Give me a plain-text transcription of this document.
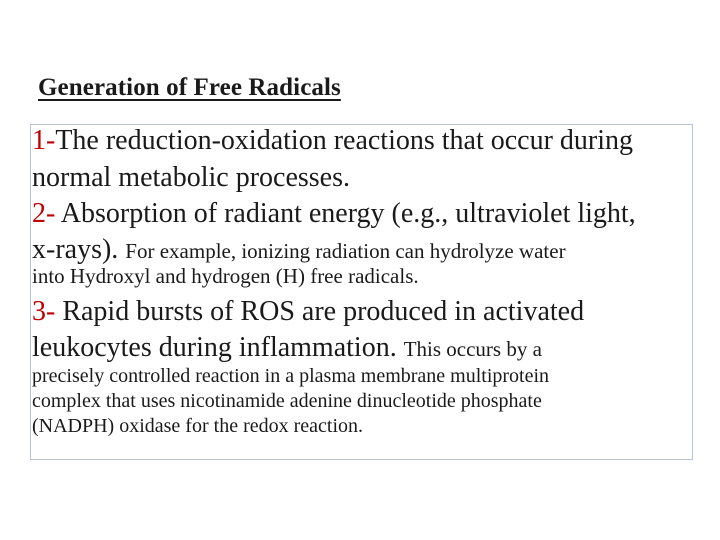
Generation of Free Radicals
1-The reduction-oxidation reactions that occur during
normal metabolic processes.
2- Absorption of radiant energy (e.g., ultraviolet light,
x-rays). For example, ionizing radiation can hydrolyze water
into Hydroxyl and hydrogen (H) free radicals.
3- Rapid bursts of ROS are produced in activated
leukocytes during inflammation. This occurs by a
precisely controlled reaction in a plasma membrane multiprotein
complex that uses nicotinamide adenine dinucleotide phosphate
(NADPH) oxidase for the redox reaction.
